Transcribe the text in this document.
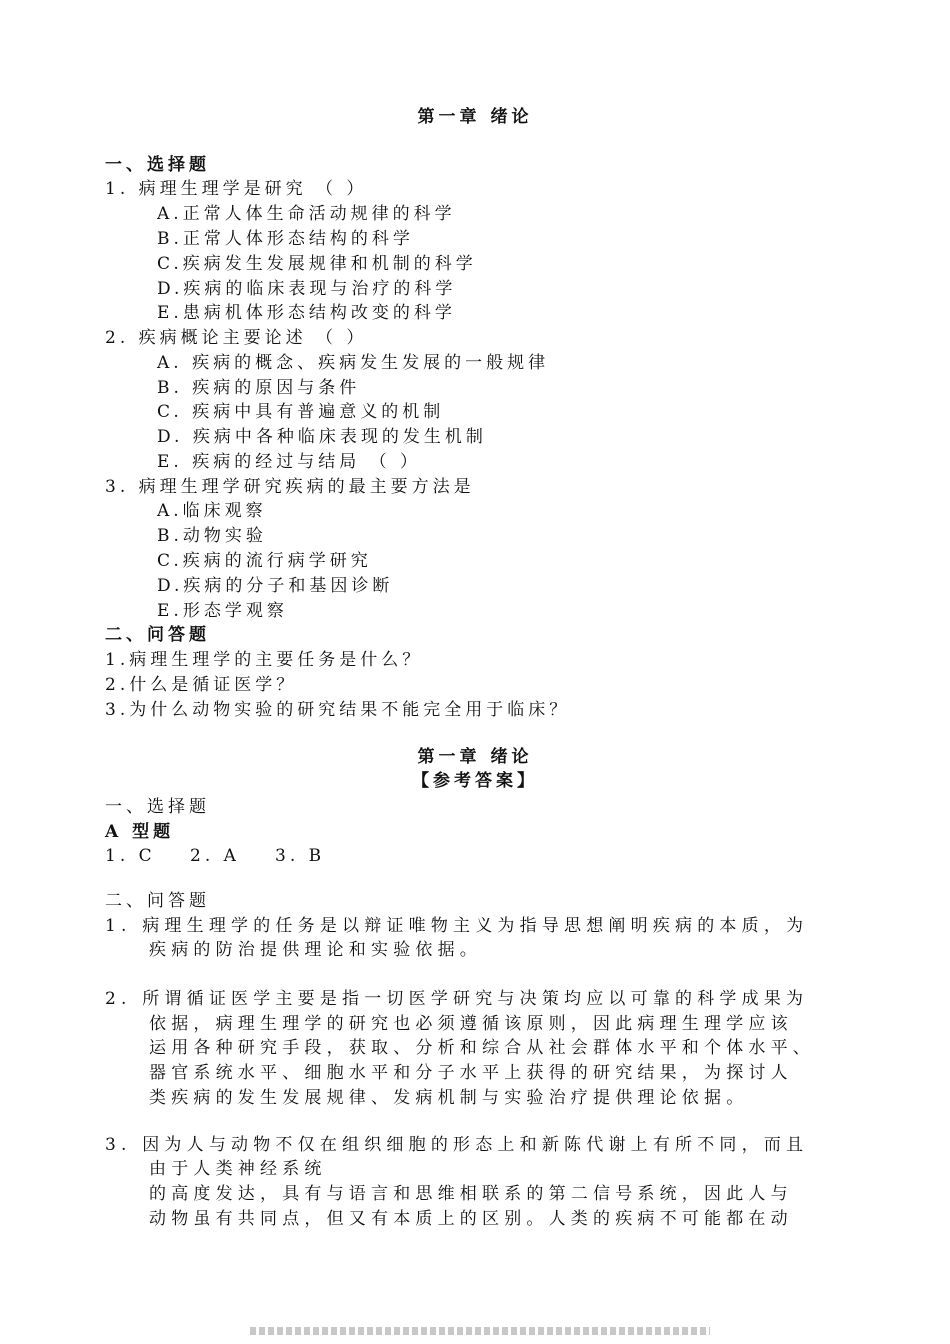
第一章 绪论
一、选择题
1. 病理生理学是研究 （ ）
A.正常人体生命活动规律的科学
B.正常人体形态结构的科学
C.疾病发生发展规律和机制的科学
D.疾病的临床表现与治疗的科学
E.患病机体形态结构改变的科学
2. 疾病概论主要论述 （ ）
A. 疾病的概念、疾病发生发展的一般规律
B. 疾病的原因与条件
C. 疾病中具有普遍意义的机制
D. 疾病中各种临床表现的发生机制
E. 疾病的经过与结局 （ ）
3. 病理生理学研究疾病的最主要方法是
A.临床观察
B.动物实验
C.疾病的流行病学研究
D.疾病的分子和基因诊断
E.形态学观察
二、问答题
1.病理生理学的主要任务是什么？
2.什么是循证医学？
3.为什么动物实验的研究结果不能完全用于临床？
第一章 绪论
【参考答案】
一、选择题
A 型题
1. C 2. A 3. B
二、问答题
1. 病理生理学的任务是以辩证唯物主义为指导思想阐明疾病的本质，为
疾病的防治提供理论和实验依据。
2. 所谓循证医学主要是指一切医学研究与决策均应以可靠的科学成果为
依据，病理生理学的研究也必须遵循该原则，因此病理生理学应该
运用各种研究手段，获取、分析和综合从社会群体水平和个体水平、
器官系统水平、细胞水平和分子水平上获得的研究结果，为探讨人
类疾病的发生发展规律、发病机制与实验治疗提供理论依据。
3. 因为人与动物不仅在组织细胞的形态上和新陈代谢上有所不同，而且
由于人类神经系统
的高度发达，具有与语言和思维相联系的第二信号系统，因此人与
动物虽有共同点，但又有本质上的区别。人类的疾病不可能都在动
